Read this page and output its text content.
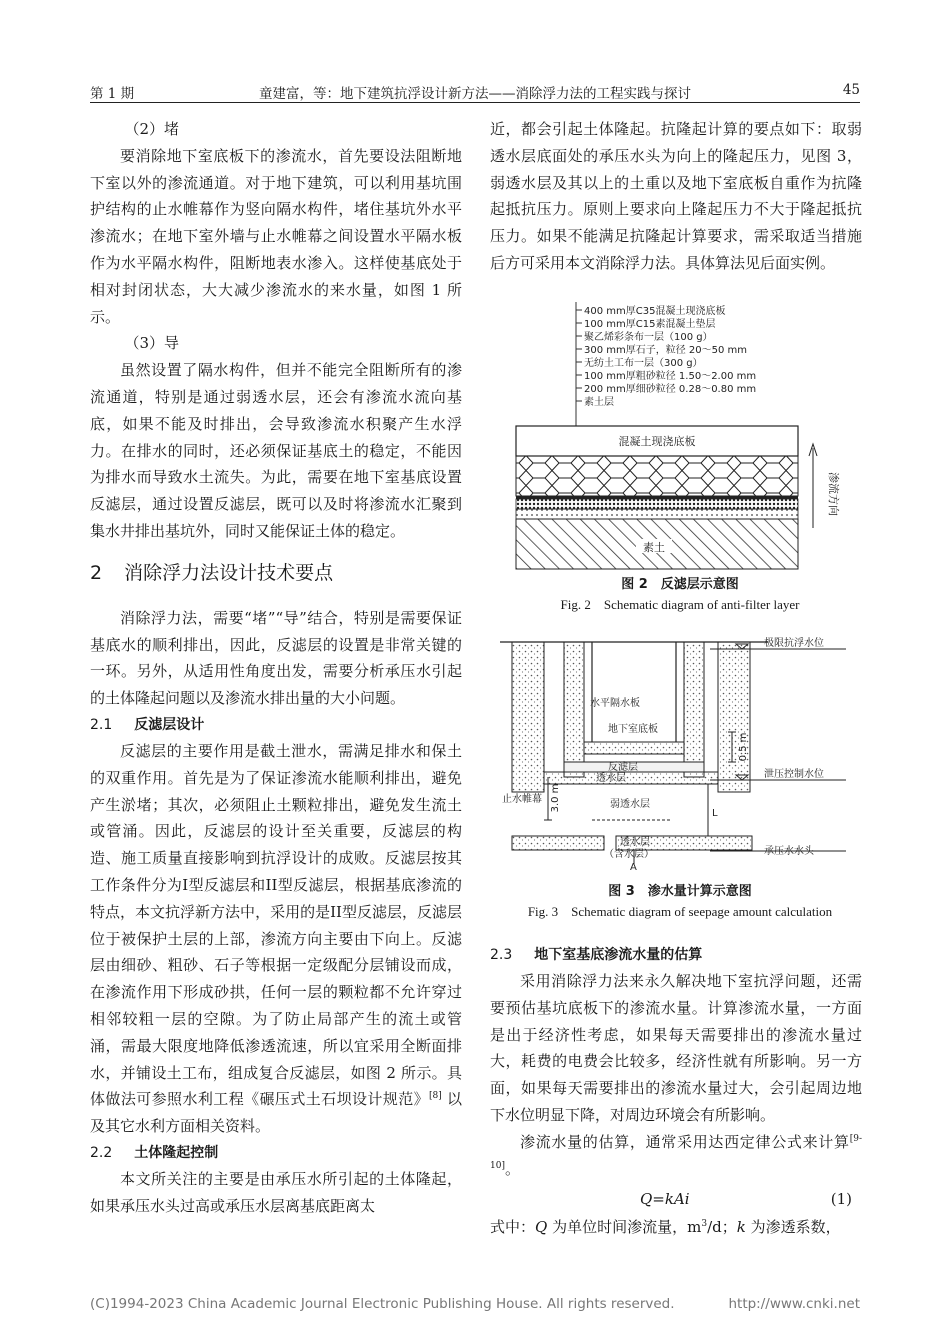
第 1 期	童建富，等：地下建筑抗浮设计新方法——消除浮力法的工程实践与探讨	45

（2）堵

要消除地下室底板下的渗流水，首先要设法阻断地下室以外的渗流通道。对于地下建筑，可以利用基坑围护结构的止水帷幕作为竖向隔水构件，堵住基坑外水平渗流水；在地下室外墙与止水帷幕之间设置水平隔水板作为水平隔水构件，阻断地表水渗入。这样使基底处于相对封闭状态，大大减少渗流水的来水量，如图 1 所示。

（3）导

虽然设置了隔水构件，但并不能完全阻断所有的渗流通道，特别是通过弱透水层，还会有渗流水流向基底，如果不能及时排出，会导致渗流水积聚产生水浮力。在排水的同时，还必须保证基底土的稳定，不能因为排水而导致水土流失。为此，需要在地下室基底设置反滤层，通过设置反滤层，既可以及时将渗流水汇聚到集水井排出基坑外，同时又能保证土体的稳定。

2 消除浮力法设计技术要点

消除浮力法，需要“堵”“导”结合，特别是需要保证基底水的顺利排出，因此，反滤层的设置是非常关键的一环。另外，从适用性角度出发，需要分析承压水引起的土体隆起问题以及渗流水排出量的大小问题。

2.1 反滤层设计

反滤层的主要作用是截土泄水，需满足排水和保土的双重作用。首先是为了保证渗流水能顺利排出，避免产生淤堵；其次，必须阻止土颗粒排出，避免发生流土或管涌。因此，反滤层的设计至关重要，反滤层的构造、施工质量直接影响到抗浮设计的成败。反滤层按其工作条件分为I型反滤层和II型反滤层，根据基底渗流的特点，本文抗浮新方法中，采用的是II型反滤层，反滤层位于被保护土层的上部，渗流方向主要由下向上。反滤层由细砂、粗砂、石子等根据一定级配分层铺设而成，在渗流作用下形成砂拱，任何一层的颗粒都不允许穿过相邻较粗一层的空隙。为了防止局部产生的流土或管涌，需最大限度地降低渗透流速，所以宜采用全断面排水，并铺设土工布，组成复合反滤层，如图 2 所示。具体做法可参照水利工程《碾压式土石坝设计规范》[8] 以及其它水利方面相关资料。

2.2 土体隆起控制

本文所关注的主要是由承压水所引起的土体隆起，如果承压水头过高或承压水层离基底距离太

近，都会引起土体隆起。抗隆起计算的要点如下：取弱透水层底面处的承压水头为向上的隆起压力，见图 3，弱透水层及其以上的土重以及地下室底板自重作为抗隆起抵抗压力。原则上要求向上隆起压力不大于隆起抵抗压力。如果不能满足抗隆起计算要求，需采取适当措施后方可采用本文消除浮力法。具体算法见后面实例。

400 mm厚C35混凝土现浇底板
100 mm厚C15素混凝土垫层
聚乙烯彩条布一层（100 g）
300 mm厚石子，粒径 20～50 mm
无纺土工布一层（300 g）
100 mm厚粗砂粒径 1.50～2.00 mm
200 mm厚细砂粒径 0.28～0.80 mm
素土层
混凝土现浇底板
素土
渗流方向
图 2　反滤层示意图
Fig. 2　Schematic diagram of anti-filter layer
极限抗浮水位
水平隔水板
地下室底板
泄压控制水位
反滤层
透水层
止水帷幕	弱透水层
透水层
（含水层）	承压水水头
L
A
0.5 m
3.0 m
图 3　渗水量计算示意图
Fig. 3　Schematic diagram of seepage amount calculation
2.3 地下室基底渗流水量的估算

采用消除浮力法来永久解决地下室抗浮问题，还需要预估基坑底板下的渗流水量。计算渗流水量，一方面是出于经济性考虑，如果每天需要排出的渗流水量过大，耗费的电费会比较多，经济性就有所影响。另一方面，如果每天需要排出的渗流水量过大，会引起周边地下水位明显下降，对周边环境会有所影响。

渗流水量的估算，通常采用达西定律公式来计算[9-10]。

Q=kAi	(1)

式中：Q 为单位时间渗流量，$m^3/d$；k 为渗透系数，

(C)1994-2023 China Academic Journal Electronic Publishing House. All rights reserved.	http://www.cnki.net
